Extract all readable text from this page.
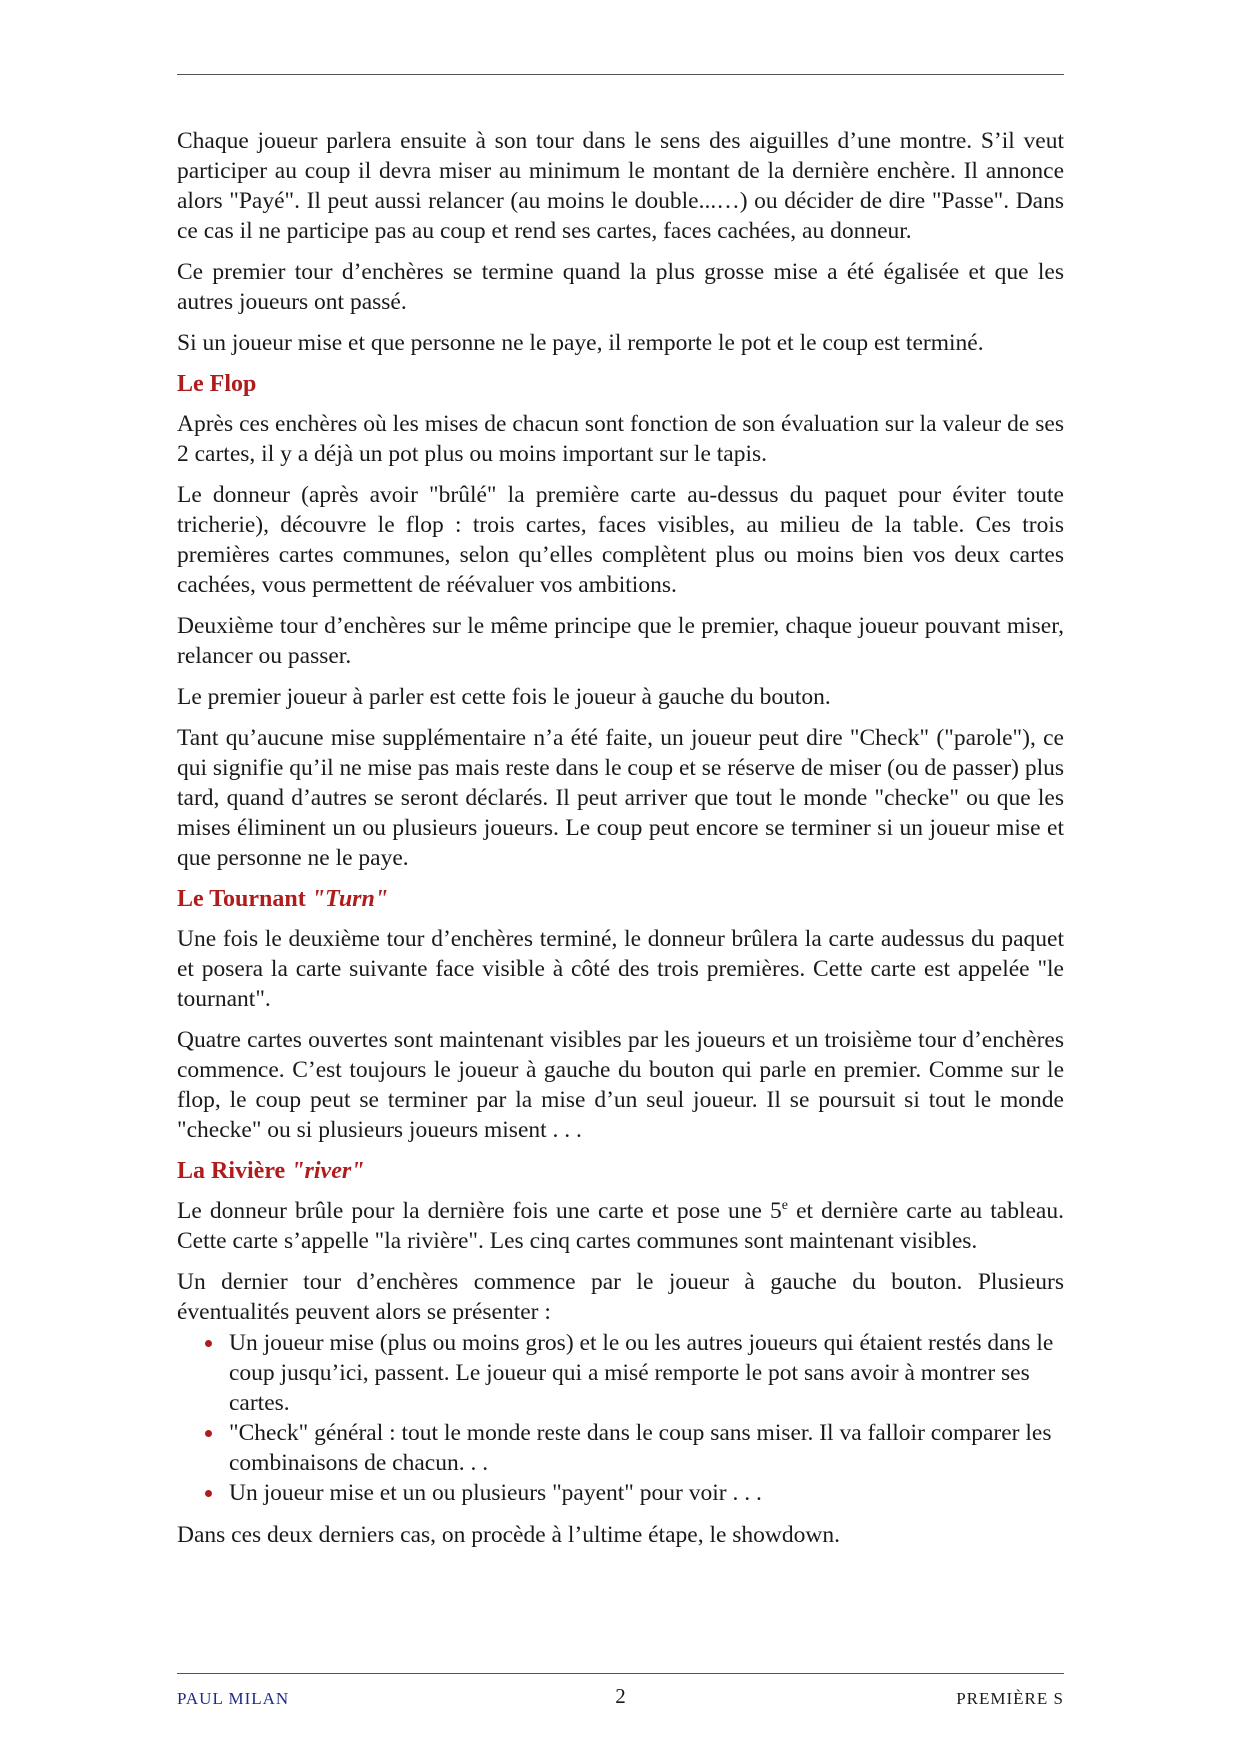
Chaque joueur parlera ensuite à son tour dans le sens des aiguilles d’une montre. S’il veut participer au coup il devra miser au minimum le montant de la dernière enchère. Il annonce alors "Payé". Il peut aussi relancer (au moins le double...…) ou décider de dire "Passe". Dans ce cas il ne participe pas au coup et rend ses cartes, faces cachées, au donneur.

Ce premier tour d’enchères se termine quand la plus grosse mise a été égalisée et que les autres joueurs ont passé.

Si un joueur mise et que personne ne le paye, il remporte le pot et le coup est terminé.

Le Flop

Après ces enchères où les mises de chacun sont fonction de son évaluation sur la valeur de ses 2 cartes, il y a déjà un pot plus ou moins important sur le tapis.

Le donneur (après avoir "brûlé" la première carte au-dessus du paquet pour éviter toute tricherie), découvre le flop : trois cartes, faces visibles, au milieu de la table. Ces trois premières cartes communes, selon qu’elles complètent plus ou moins bien vos deux cartes cachées, vous permettent de réévaluer vos ambitions.

Deuxième tour d’enchères sur le même principe que le premier, chaque joueur pouvant miser, relancer ou passer.

Le premier joueur à parler est cette fois le joueur à gauche du bouton.

Tant qu’aucune mise supplémentaire n’a été faite, un joueur peut dire "Check" ("parole"), ce qui signifie qu’il ne mise pas mais reste dans le coup et se réserve de miser (ou de passer) plus tard, quand d’autres se seront déclarés. Il peut arriver que tout le monde "checke" ou que les mises éliminent un ou plusieurs joueurs. Le coup peut encore se terminer si un joueur mise et que personne ne le paye.

Le Tournant "Turn"

Une fois le deuxième tour d’enchères terminé, le donneur brûlera la carte audessus du paquet et posera la carte suivante face visible à côté des trois premières. Cette carte est appelée "le tournant".

Quatre cartes ouvertes sont maintenant visibles par les joueurs et un troisième tour d’enchères commence. C’est toujours le joueur à gauche du bouton qui parle en premier. Comme sur le flop, le coup peut se terminer par la mise d’un seul joueur. Il se poursuit si tout le monde "checke" ou si plusieurs joueurs misent . . .

La Rivière "river"

Le donneur brûle pour la dernière fois une carte et pose une 5e et dernière carte au tableau. Cette carte s’appelle "la rivière". Les cinq cartes communes sont maintenant visibles.

Un dernier tour d’enchères commence par le joueur à gauche du bouton. Plusieurs éventualités peuvent alors se présenter :

Un joueur mise (plus ou moins gros) et le ou les autres joueurs qui étaient restés dans le coup jusqu’ici, passent. Le joueur qui a misé remporte le pot sans avoir à montrer ses cartes.
"Check" général : tout le monde reste dans le coup sans miser. Il va falloir comparer les combinaisons de chacun. . .
Un joueur mise et un ou plusieurs "payent" pour voir . . .

Dans ces deux derniers cas, on procède à l’ultime étape, le showdown.

PAUL MILAN	2	PREMIÈRE S
